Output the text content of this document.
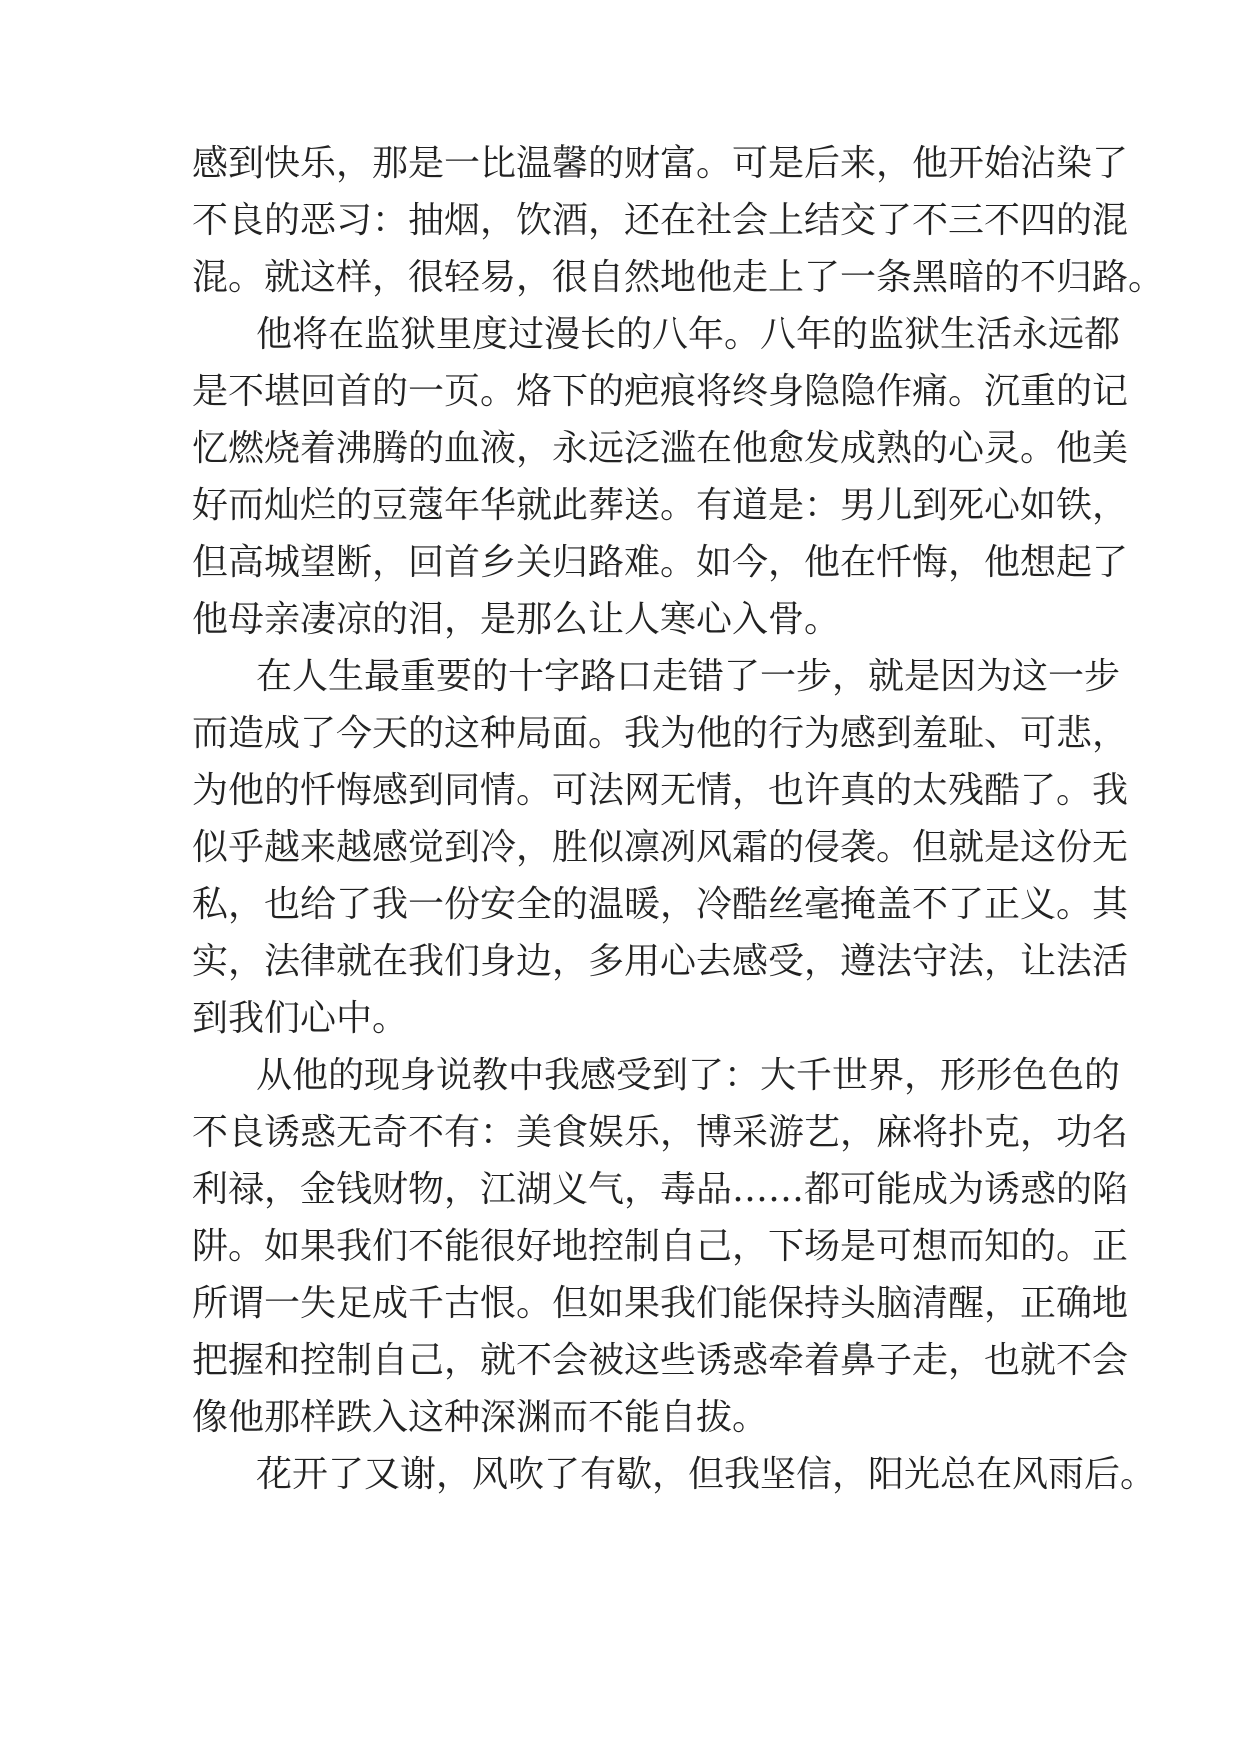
感到快乐，那是一比温馨的财富。可是后来，他开始沾染了
不良的恶习：抽烟，饮酒，还在社会上结交了不三不四的混
混。就这样，很轻易，很自然地他走上了一条黑暗的不归路。
他将在监狱里度过漫长的八年。八年的监狱生活永远都
是不堪回首的一页。烙下的疤痕将终身隐隐作痛。沉重的记
忆燃烧着沸腾的血液，永远泛滥在他愈发成熟的心灵。他美
好而灿烂的豆蔻年华就此葬送。有道是：男儿到死心如铁，
但高城望断，回首乡关归路难。如今，他在忏悔，他想起了
他母亲凄凉的泪，是那么让人寒心入骨。
在人生最重要的十字路口走错了一步，就是因为这一步
而造成了今天的这种局面。我为他的行为感到羞耻、可悲，
为他的忏悔感到同情。可法网无情，也许真的太残酷了。我
似乎越来越感觉到冷，胜似凛冽风霜的侵袭。但就是这份无
私，也给了我一份安全的温暖，冷酷丝毫掩盖不了正义。其
实，法律就在我们身边，多用心去感受，遵法守法，让法活
到我们心中。
从他的现身说教中我感受到了：大千世界，形形色色的
不良诱惑无奇不有：美食娱乐，博采游艺，麻将扑克，功名
利禄，金钱财物，江湖义气，毒品……都可能成为诱惑的陷
阱。如果我们不能很好地控制自己，下场是可想而知的。正
所谓一失足成千古恨。但如果我们能保持头脑清醒，正确地
把握和控制自己，就不会被这些诱惑牵着鼻子走，也就不会
像他那样跌入这种深渊而不能自拔。
花开了又谢，风吹了有歇，但我坚信，阳光总在风雨后。
